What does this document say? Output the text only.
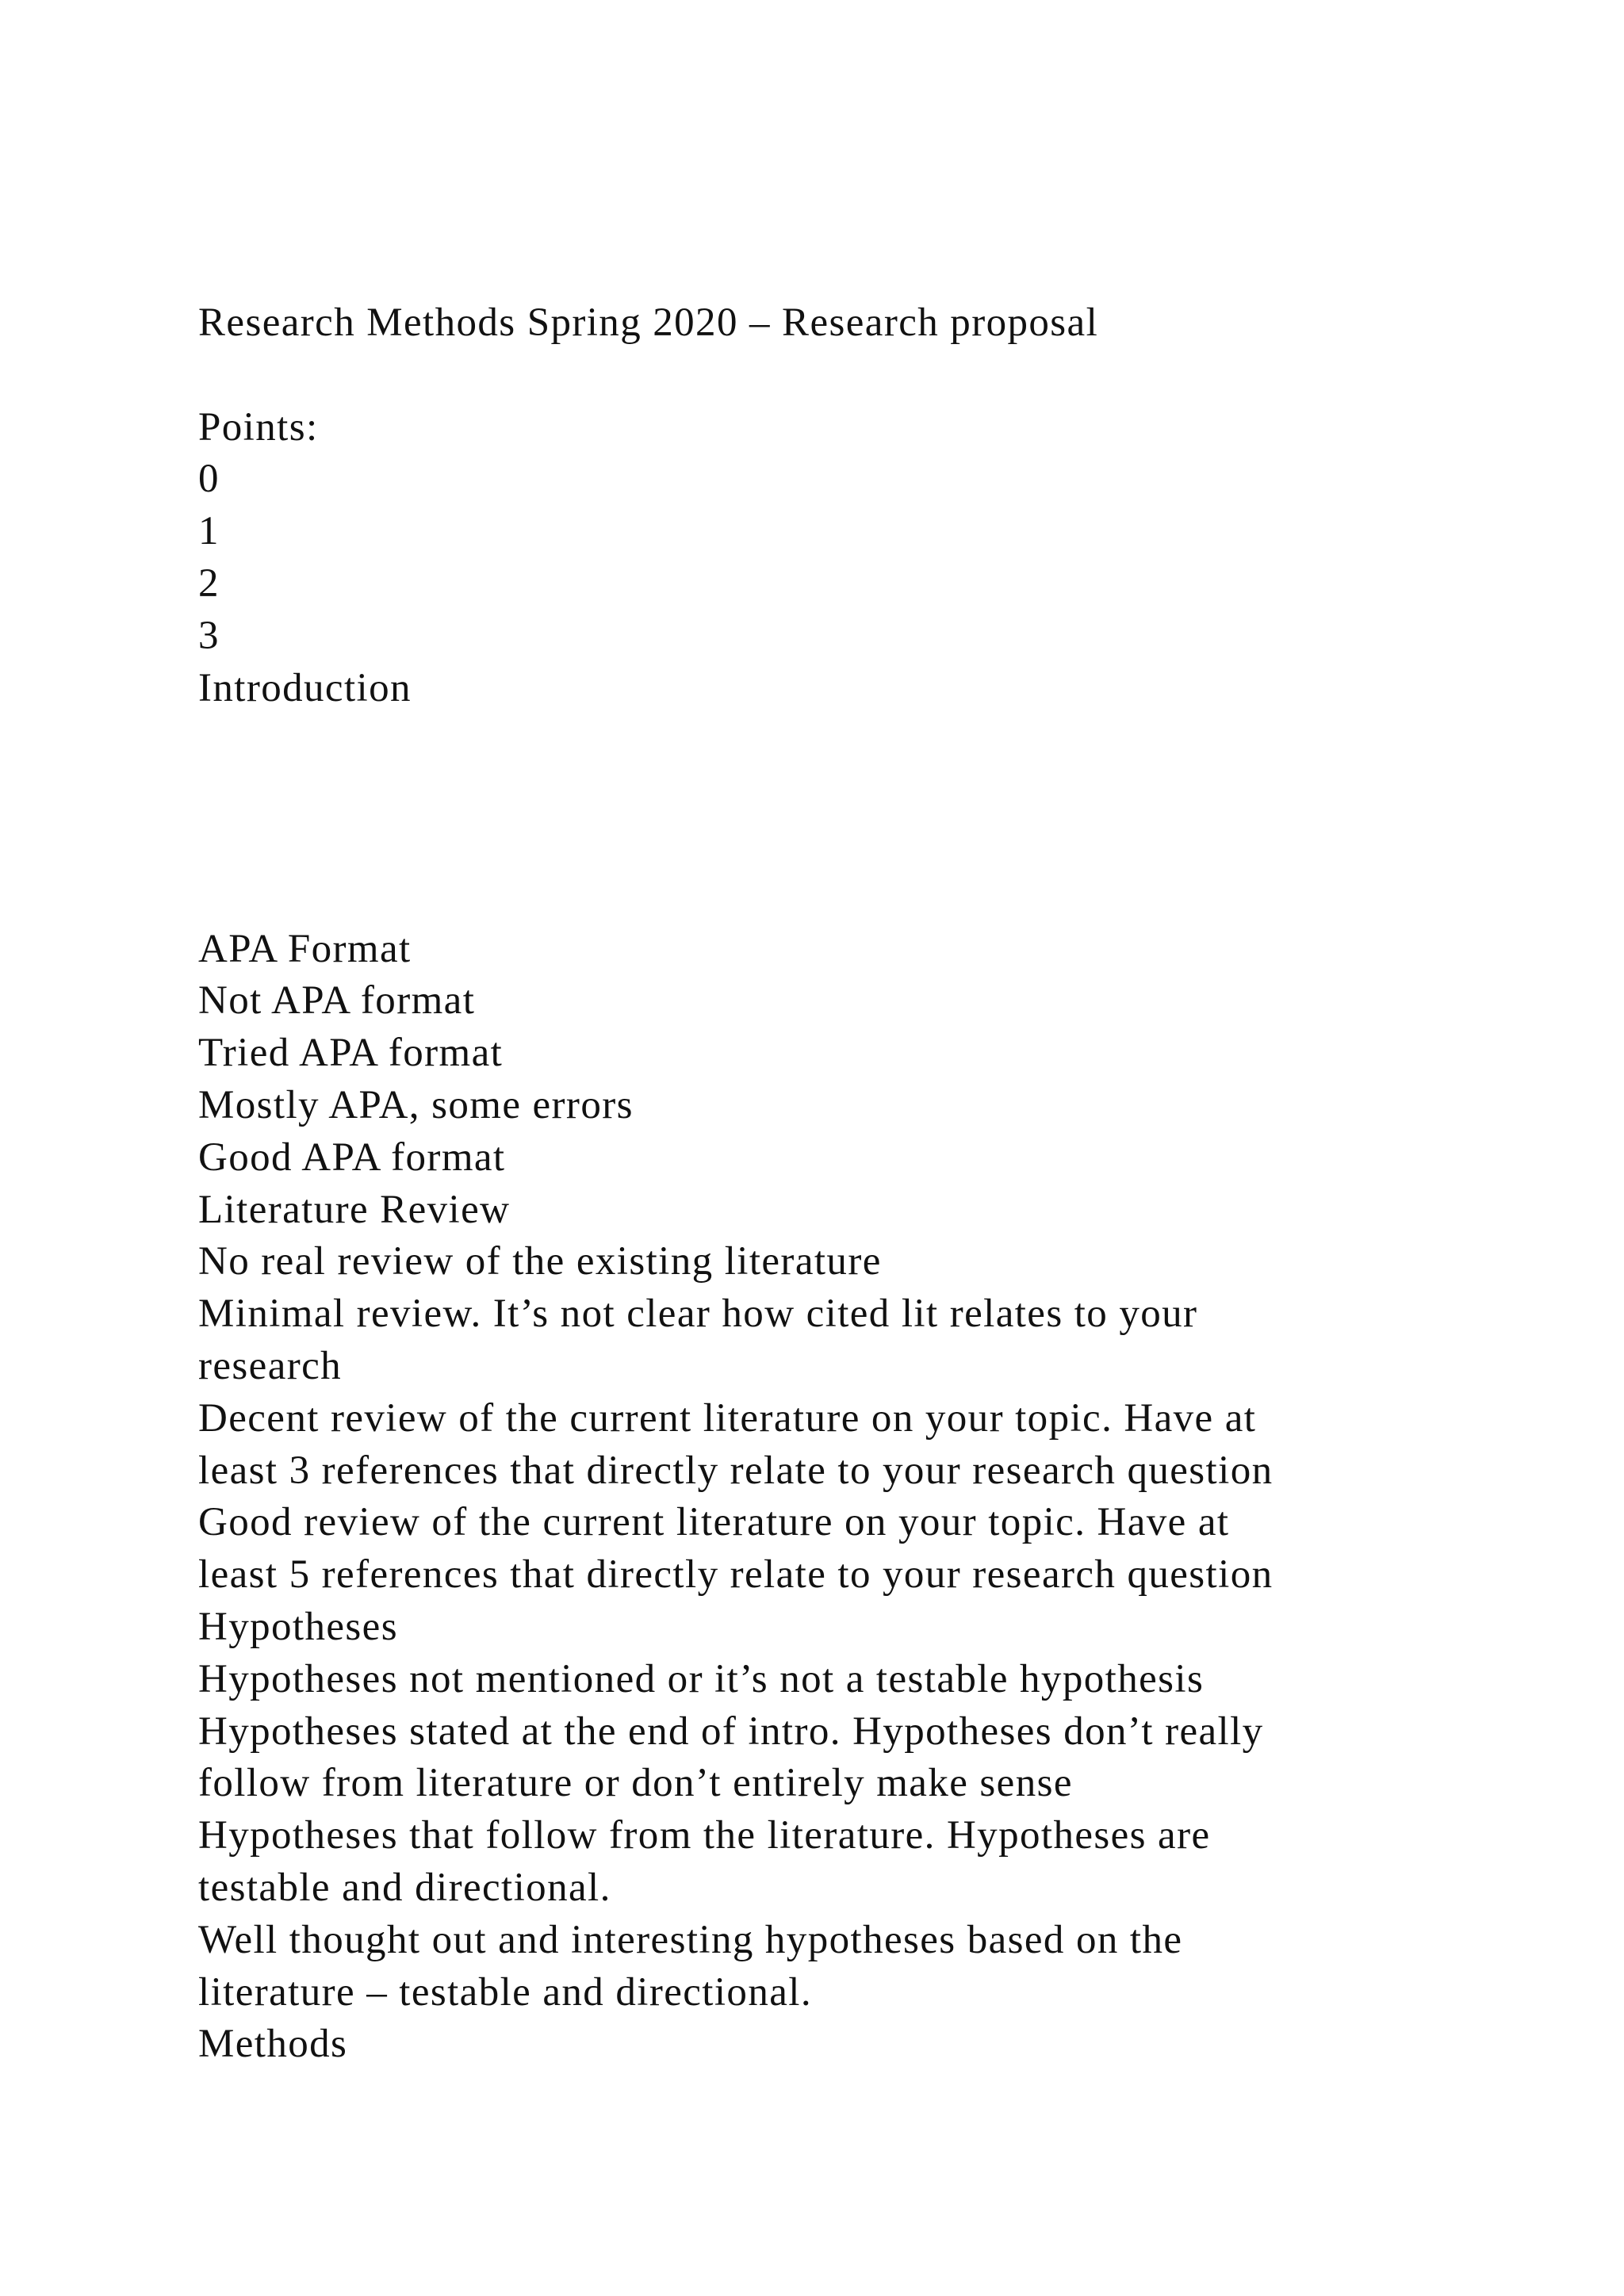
Research Methods Spring 2020 – Research proposal
Points:
0
1
2
3
Introduction
APA Format
Not APA format
Tried APA format
Mostly APA, some errors
Good APA format
Literature Review
No real review of the existing literature
Minimal review. It’s not clear how cited lit relates to your
research
Decent review of the current literature on your topic. Have at
least 3 references that directly relate to your research question
Good review of the current literature on your topic. Have at
least 5 references that directly relate to your research question
Hypotheses
Hypotheses not mentioned or it’s not a testable hypothesis
Hypotheses stated at the end of intro. Hypotheses don’t really
follow from literature or don’t entirely make sense
Hypotheses that follow from the literature. Hypotheses are
testable and directional.
Well thought out and interesting hypotheses based on the
literature – testable and directional.
Methods
